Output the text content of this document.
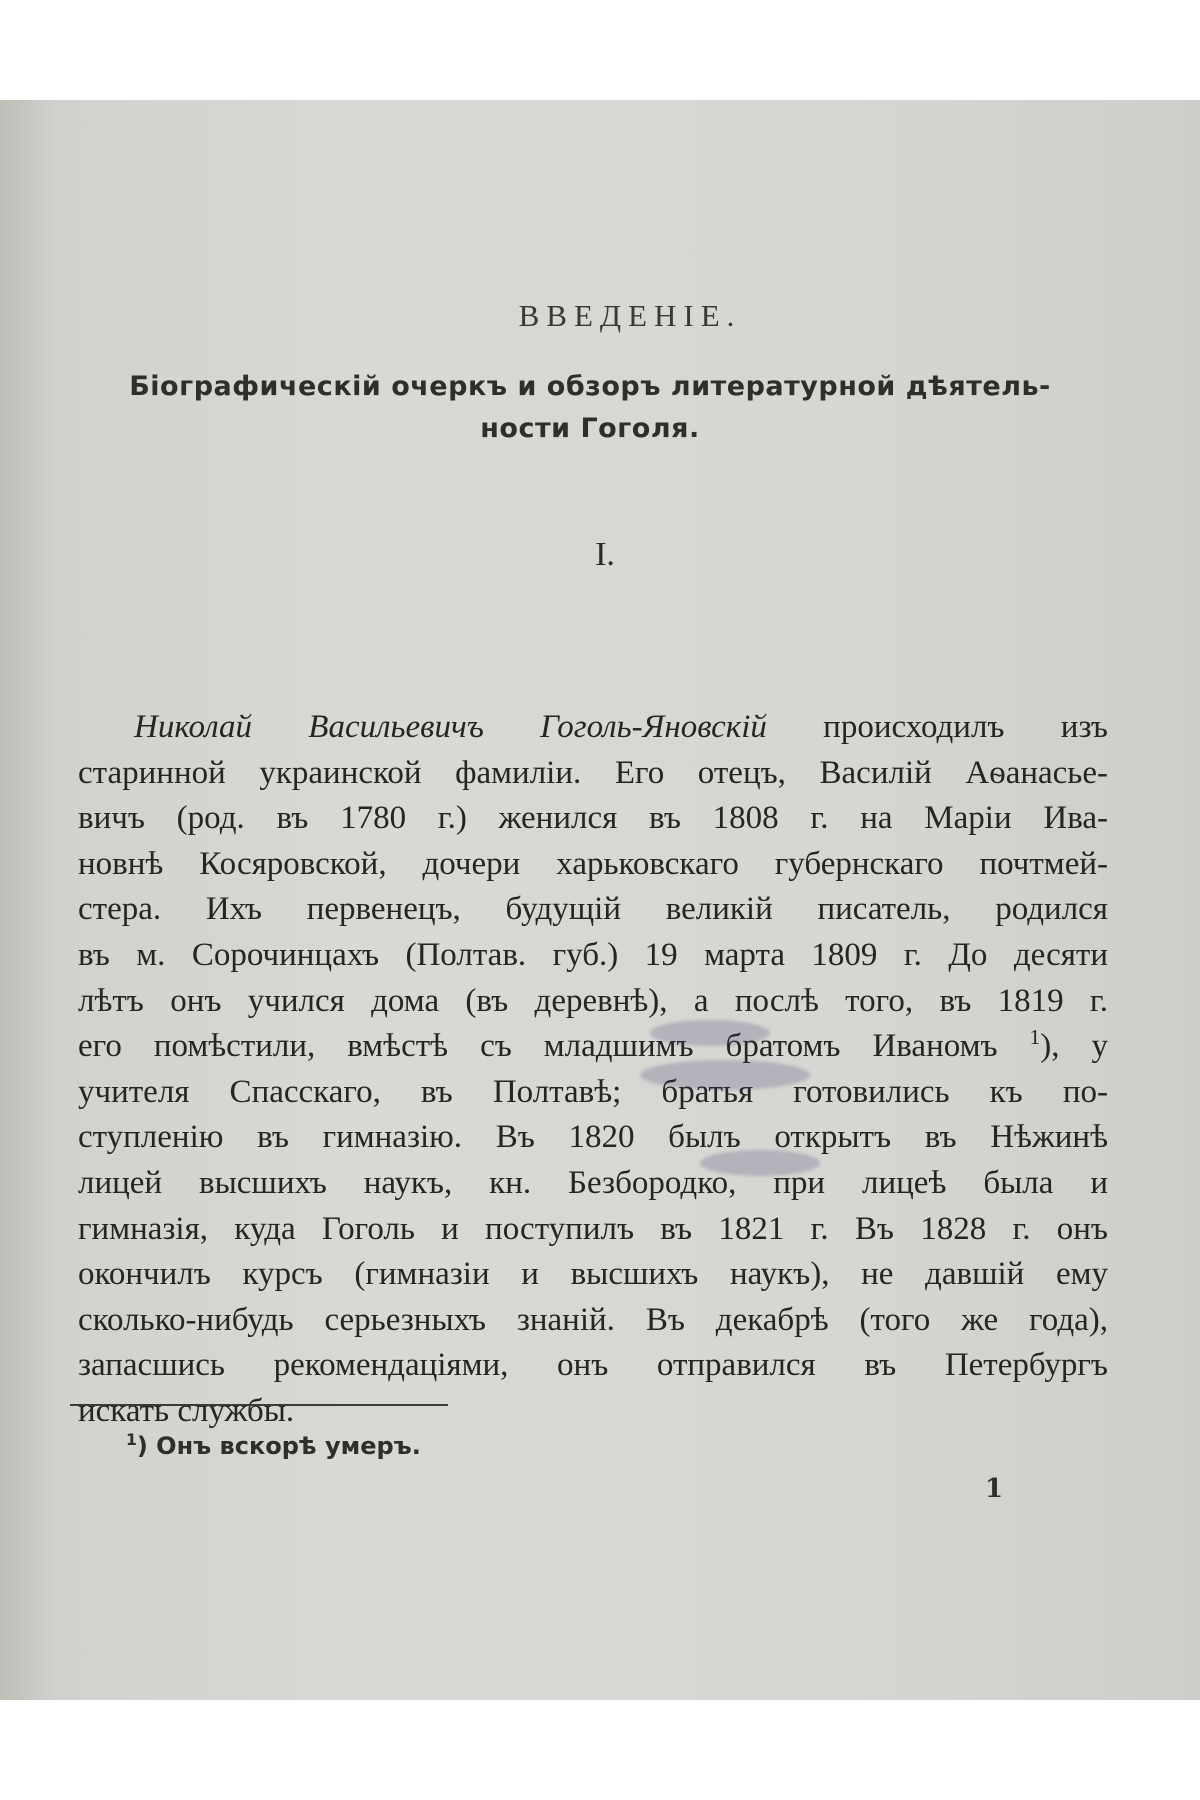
ВВЕДЕНIЕ.
Бiографическiй очеркъ и обзоръ литературной дѣятель-
ности Гоголя.
I.
Николай Васильевичъ Гоголь-Яновскiй происходилъ изъ
старинной украинской фамилiи. Его отецъ, Василiй Аѳанасье-
вичъ (род. въ 1780 г.) женился въ 1808 г. на Марiи Ива-
новнѣ Косяровской, дочери харьковскаго губернскаго почтмей-
стера. Ихъ первенецъ, будущiй великiй писатель, родился
въ м. Сорочинцахъ (Полтав. губ.) 19 марта 1809 г. До десяти
лѣтъ онъ учился дома (въ деревнѣ), а послѣ того, въ 1819 г.
его помѣстили, вмѣстѣ съ младшимъ братомъ Иваномъ $^1$), у
учителя Спасскаго, въ Полтавѣ; братья готовились къ по-
ступленiю въ гимназiю. Въ 1820 былъ открытъ въ Нѣжинѣ
лицей высшихъ наукъ, кн. Безбородко, при лицеѣ была и
гимназiя, куда Гоголь и поступилъ въ 1821 г. Въ 1828 г. онъ
окончилъ курсъ (гимназiи и высшихъ наукъ), не давшiй ему
сколько-нибудь серьезныхъ знанiй. Въ декабрѣ (того же года),
запасшись рекомендацiями, онъ отправился въ Петербургъ
искать службы.
$^1$) Онъ вскорѣ умеръ.
1
